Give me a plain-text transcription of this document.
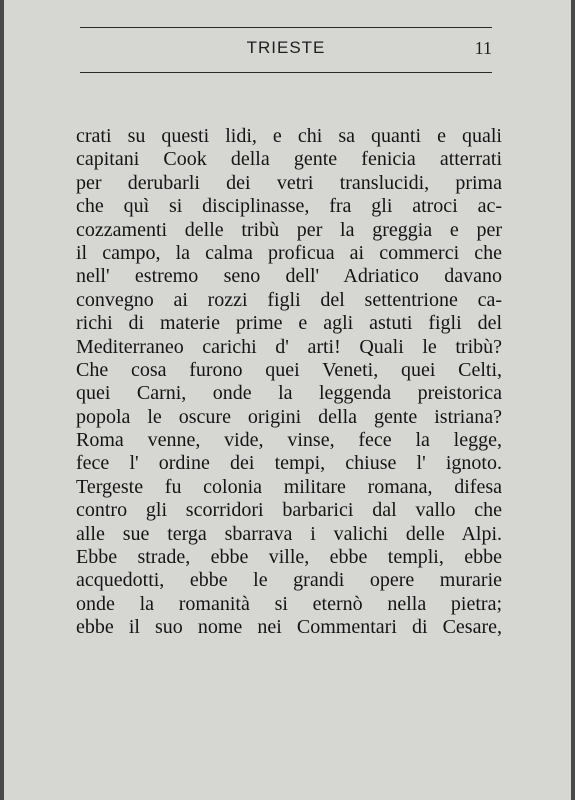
TRIESTE	11
crati su questi lidi, e chi sa quanti e quali
capitani Cook della gente fenicia atterrati
per derubarli dei vetri translucidi, prima
che quì si disciplinasse, fra gli atroci ac-
cozzamenti delle tribù per la greggia e per
il campo, la calma proficua ai commerci che
nell' estremo seno dell' Adriatico davano
convegno ai rozzi figli del settentrione ca-
richi di materie prime e agli astuti figli del
Mediterraneo carichi d' arti! Quali le tribù?
Che cosa furono quei Veneti, quei Celti,
quei Carni, onde la leggenda preistorica
popola le oscure origini della gente istriana?
Roma venne, vide, vinse, fece la legge,
fece l' ordine dei tempi, chiuse l' ignoto.
Tergeste fu colonia militare romana, difesa
contro gli scorridori barbarici dal vallo che
alle sue terga sbarrava i valichi delle Alpi.
Ebbe strade, ebbe ville, ebbe templi, ebbe
acquedotti, ebbe le grandi opere murarie
onde la romanità si eternò nella pietra;
ebbe il suo nome nei Commentari di Cesare,
